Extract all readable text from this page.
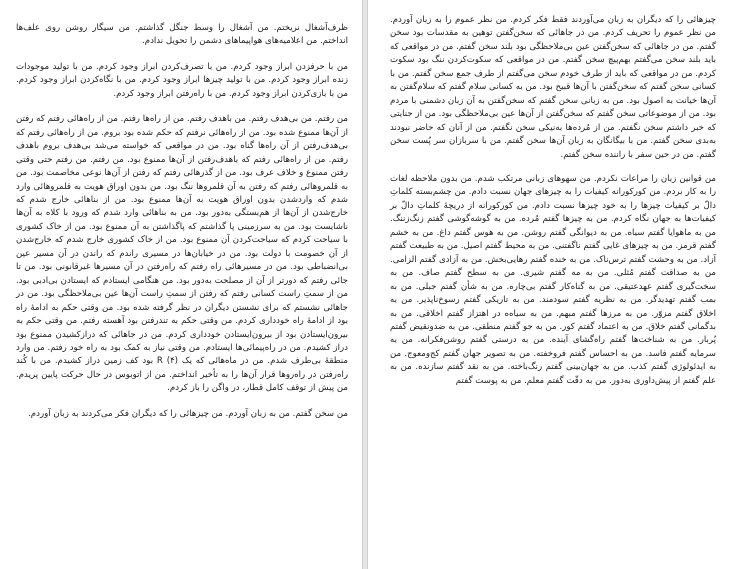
ظرف‌آشغال نریختم. من آشغال را وسط جنگل گذاشتم. من سیگار روشن روی علف‌ها انداختم. من اعلامیه‌های هواپیماهای دشمن را تحویل ندادم.

من با حرفزدن ابراز وجود کردم. من با تصرف‌کردن ابراز وجود کردم. من با تولید موجودات زنده ابراز وجود کردم. من با تولید چیزها ابراز وجود کردم. من با نگاه‌کردن ابراز وجود کردم. من با بازی‌کردن ابراز وجود کردم. من با راه‌رفتن ابراز وجود کردم.

من رفتم. من بی‌هدف رفتم. من باهدف رفتم. من از راه‌ها رفتم. من از راه‌هائی رفتم که رفتن از آن‌ها ممنوع شده بود. من از راه‌هائی نرفتم که حکم شده بود بروم. من از راه‌هائی رفتم که بی‌هدف‌رفتن از آن راه‌ها گناه بود. من در مواقعی که خواسته می‌شد بی‌هدف بروم باهدف رفتم. من از راه‌هائی رفتم که باهدف‌رفتن از آن‌ها ممنوع بود. من رفتم. من رفتم حتی وقتی رفتن ممنوع و خلاف عرف بود. من از گذرهائی رفتم که رفتن از آن‌ها نوعی مخاصمت بود. من به قلمروهائی رفتم که رفتن به آن قلمروها ننگ بود. من بدون اوراق هویت به قلمروهائی وارد شدم که واردشدن بدون اوراق هویت به آن‌ها ممنوع بود. من از بناهائی خارج شدم که خارج‌شدن از آن‌ها از هم‌بستگی به‌دور بود. من به بناهائی وارد شدم که ورود با کلاه به آن‌ها ناشایست بود. من به سرزمینی پا گذاشتم که پاگذاشتن به آن ممنوع بود. من از خاک کشوری با سیاحت کردم که سیاحت‌کردن آن ممنوع بود. من از خاک کشوری خارج شدم که خارج‌شدن از آن خصومت با دولت بود. من در خیابان‌ها در مسیری راندم که راندن در آن مسیر عین بی‌انضباطی بود. من در مسیرهائی راه رفتم که راه‌رفتن در آن مسیرها غیرقانونی بود. من تا جائی رفتم که دورتر از آن از مصلحت به‌دور بود. من هنگامی ایستادم که ایستادن بی‌ادبی بود. من از سمتِ راست کسانی رفتم که رفتن از سمتِ راست آن‌ها عین بی‌ملاحظگی بود. من در جاهائی نشستم که برای نشستن دیگران در نظر گرفته شده بود. من وقتی حکم به ادامهٔ راه بود از ادامهٔ راه خودداری کردم. من وقتی حکم به تندرفتن بود آهسته رفتم. من وقتی حکم به بیرون‌ایستادن بود از بیرون‌ایستادن خودداری کردم. من در جاهائی که درازکشیدن ممنوع بود دراز کشیدم. من در راه‌پیمائی‌ها ایستادم. من وقتی نیاز به کمک بود به راه خود رفتم. من وارد منطقهٔ بی‌طرف شدم. من در ماه‌هائی که یک R (۴) بود کف زمین دراز کشیدم. من با کُند راه‌رفتن در راه‌روها قرار آن‌ها را به تأخیر انداختم. من از اتوبوس در حال حرکت پایین پریدم. من پیش از توقف کامل قطار، در واگن را باز کردم.

من سخن گفتم. من به زبان آوردم. من چیزهائی را که دیگران فکر می‌کردند به زبان آوردم.

چیزهائی را که دیگران به زبان می‌آوردند فقط فکر کردم. من نظر عموم را به زبان آوردم. من نظر عموم را تحریف کردم. من در جاهائی که سخن‌گفتن توهین به مقدسات بود سخن گفتم. من در جاهائی که سخن‌گفتن عین بی‌ملاحظگی بود بلند سخن گفتم. من در مواقعی که باید بلند سخن می‌گفتم بهم‌پیچ سخن گفتم. من در مواقعی که سکوت‌کردن ننگ بود سکوت کردم. من در مواقعی که باید از طرف خودم سخن می‌گفتم از طرف جمع سخن گفتم. من با کسانی سخن گفتم که سخن‌گفتن با آن‌ها قبیح بود. من به کسانی سلام گفتم که سلام‌گفتن به آن‌ها خیانت به اصول بود. من به زبانی سخن گفتم که سخن‌گفتن به آن زبان دشمنی با مردم بود. من از موضوعاتی سخن گفتم که سخن‌گفتن از آن‌ها عین بی‌ملاحظگی بود. من از جنایتی که خبر داشتم سخن نگفتم. من از مُرده‌ها به‌نیکی سخن نگفتم. من از آنان که حاضر نبودند به‌بدی سخن گفتم. من با بیگانگان به زبان آن‌ها سخن گفتم. من با سربازان سر پُست سخن گفتم. من در حین سفر با راننده سخن گفتم.

من قوانین زبان را مراعات نکردم. من سهوهای زبانی مرتکب شدم. من بدون ملاحظه لغات را به کار بردم. من کورکورانه کیفیات را به چیزهای جهان نسبت دادم. من چشم‌بسته کلماتِ دالّ بر کیفیات چیزها را به خود چیزها نسبت دادم. من کورکورانه از دریچهٔ کلماتِ دالّ بر کیفیات‌ها به جهان نگاه کردم. من به چیزها گفتم مُرده. من به گوشه‌گوشی گفتم زنگ‌زننگ. من به ماهوایا گفتم سیاه. من به دیوانگی گفتم روشن. من به هوس گفتم داغ. من به خشم گفتم قرمز. من به چیزهای غایی گفتم ناگفتنی. من به محیط گفتم اصیل. من به طبیعت گفتم آزاد. من به وحشت گفتم ترس‌ناک. من به خنده گفتم رهایی‌بخش. من به آزادی گفتم الزامی. من به صداقت گفتم مُثلی. من به مه گفتم شیری. من به سطح گفتم صاف. من به سخت‌گیری گفتم عهدعتیقی. من به گناه‌کار گفتم بی‌چاره. من به شأن گفتم جبلی. من به بمب گفتم تهدیدگر. من به نظریه گفتم سودمند. من به تاریکی گفتم رسوخ‌ناپذیر. من به اخلاق گفتم مزوّر. من به مرزها گفتم مبهم. من به سیاه‌ه در اهتزاز گفتم اخلاقی. من به بدگمانی گفتم خلاق. من به اعتماد گفتم کور. من به جو گفتم منطقی. من به ضدونقیض گفتم پُربار. من به شناخت‌ها گفتم راه‌گشای آینده. من به درستی گفتم روشن‌فکرانه. من به سرمایه گفتم فاسد. من به احساس گفتم فروخفته. من به تصویر جهان گفتم کج‌ومعوج. من به ایدئولوژی گفتم کذب. من به جهان‌بینی گفتم رنگ‌باخته. من به نقد گفتم سازنده. من به علم گفتم از پیش‌داوری به‌دور. من به دقّت گفتم معلم. من به پوست گفتم
